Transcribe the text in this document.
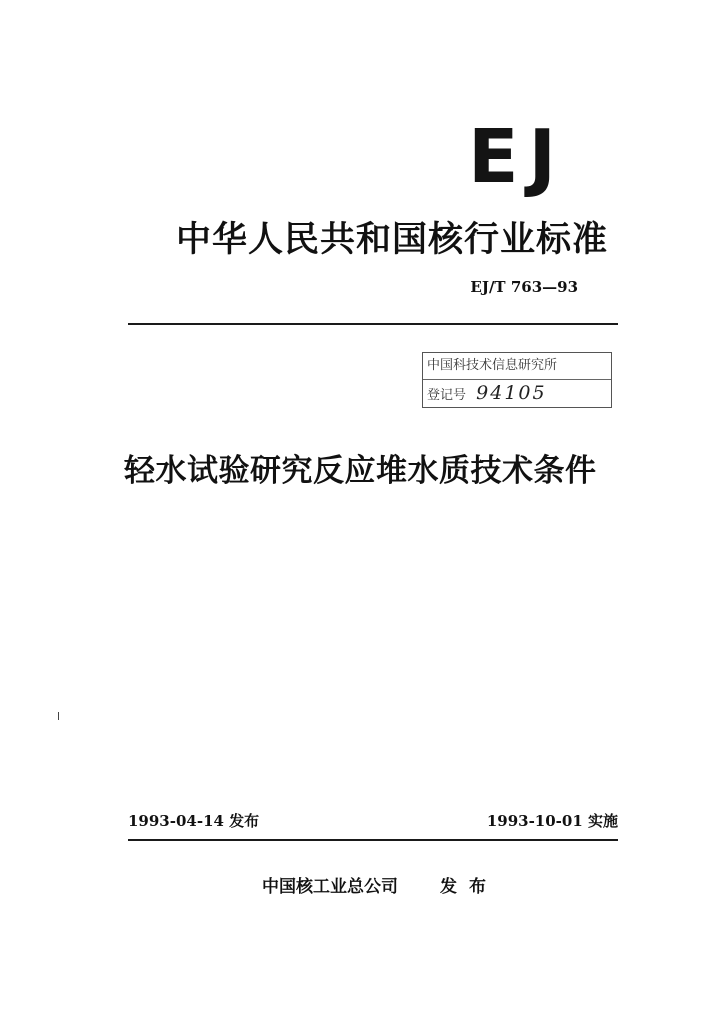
EJ
中华人民共和国核行业标准
EJ/T 763—93
中国科技术信息研究所
登记号 94105
轻水试验研究反应堆水质技术条件
1993-04-14 发布	1993-10-01 实施
中国核工业总公司 发布
